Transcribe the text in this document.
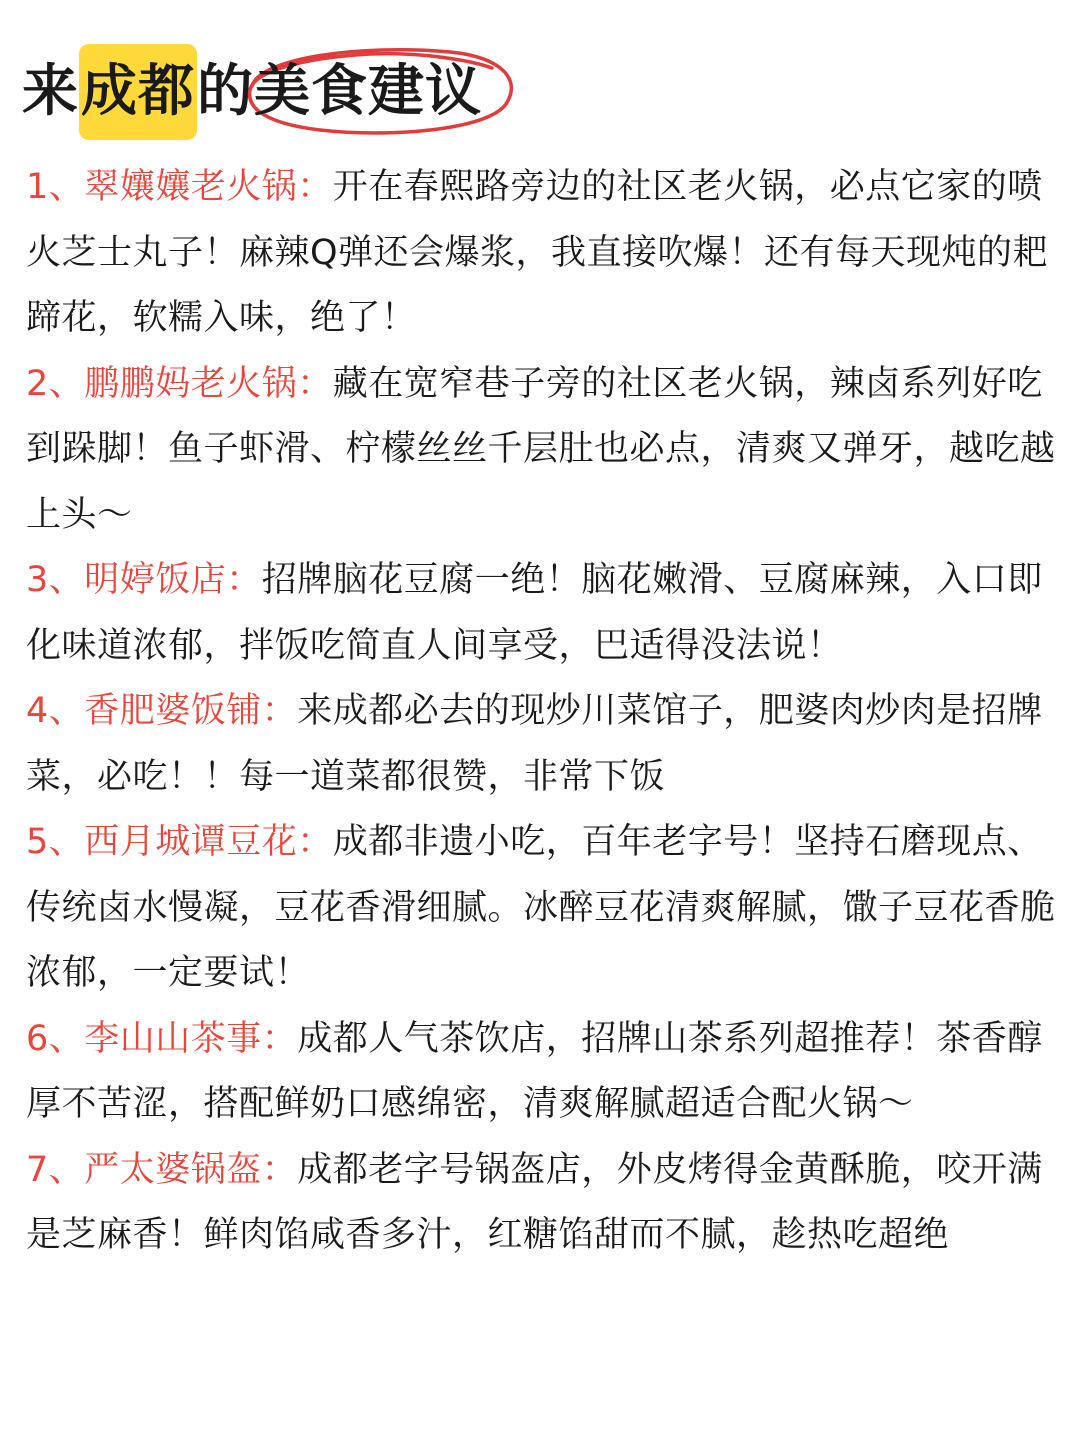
来成都的
美食建议

1、翠孃孃老火锅：开在春熙路旁边的社区老火锅，必点它家的喷火芝士丸子！麻辣Q弹还会爆浆，我直接吹爆！还有每天现炖的耙蹄花，软糯入味，绝了！

2、鹏鹏妈老火锅：藏在宽窄巷子旁的社区老火锅，辣卤系列好吃到跺脚！鱼子虾滑、柠檬丝丝千层肚也必点，清爽又弹牙，越吃越上头～

3、明婷饭店：招牌脑花豆腐一绝！脑花嫩滑、豆腐麻辣，入口即化味道浓郁，拌饭吃简直人间享受，巴适得没法说！

4、香肥婆饭铺：来成都必去的现炒川菜馆子，肥婆肉炒肉是招牌菜，必吃！！每一道菜都很赞，非常下饭

5、西月城谭豆花：成都非遗小吃，百年老字号！坚持石磨现点、传统卤水慢凝，豆花香滑细腻。冰醉豆花清爽解腻，馓子豆花香脆浓郁，一定要试！

6、李山山茶事：成都人气茶饮店，招牌山茶系列超推荐！茶香醇厚不苦涩，搭配鲜奶口感绵密，清爽解腻超适合配火锅～

7、严太婆锅盔：成都老字号锅盔店，外皮烤得金黄酥脆，咬开满是芝麻香！鲜肉馅咸香多汁，红糖馅甜而不腻，趁热吃超绝
